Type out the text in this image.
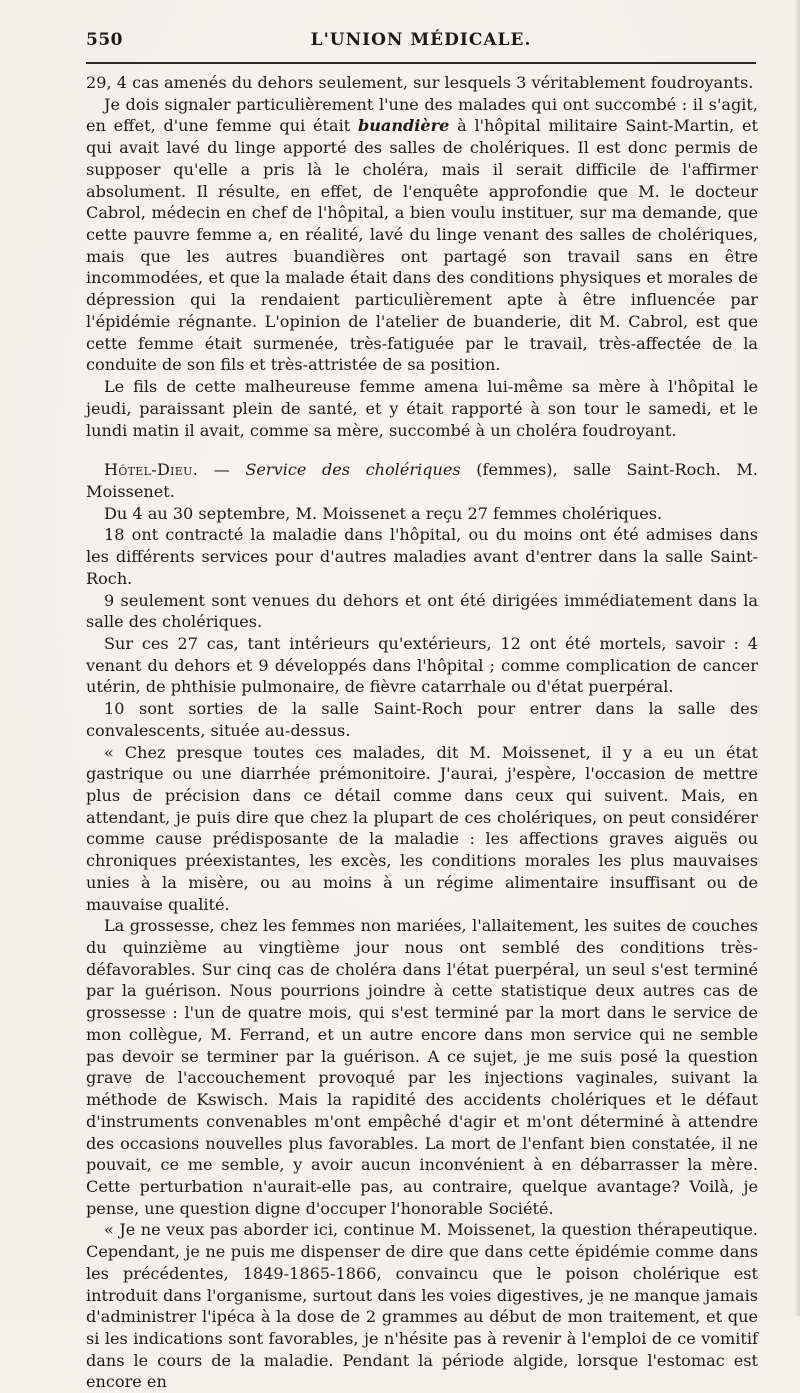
550	L'UNION MÉDICALE.

29, 4 cas amenés du dehors seulement, sur lesquels 3 véritablement foudroyants.

Je dois signaler particulièrement l'une des malades qui ont succombé : il s'agit, en effet, d'une femme qui était buandière à l'hôpital militaire Saint-Martin, et qui avait lavé du linge apporté des salles de cholériques. Il est donc permis de supposer qu'elle a pris là le choléra, mais il serait difficile de l'affirmer absolument. Il résulte, en effet, de l'enquête approfondie que M. le docteur Cabrol, médecin en chef de l'hôpital, a bien voulu instituer, sur ma demande, que cette pauvre femme a, en réalité, lavé du linge venant des salles de cholériques, mais que les autres buandières ont partagé son travail sans en être incommodées, et que la malade était dans des conditions physiques et morales de dépression qui la rendaient particulièrement apte à être influencée par l'épidémie régnante. L'opinion de l'atelier de buanderie, dit M. Cabrol, est que cette femme était surmenée, très-fatiguée par le travail, très-affectée de la conduite de son fils et très-attristée de sa position.

Le fils de cette malheureuse femme amena lui-même sa mère à l'hôpital le jeudi, paraissant plein de santé, et y était rapporté à son tour le samedi, et le lundi matin il avait, comme sa mère, succombé à un choléra foudroyant.

Hôtel-Dieu. — Service des cholériques (femmes), salle Saint-Roch. M. Moissenet.

Du 4 au 30 septembre, M. Moissenet a reçu 27 femmes cholériques.

18 ont contracté la maladie dans l'hôpital, ou du moins ont été admises dans les différents services pour d'autres maladies avant d'entrer dans la salle Saint-Roch.

9 seulement sont venues du dehors et ont été dirigées immédiatement dans la salle des cholériques.

Sur ces 27 cas, tant intérieurs qu'extérieurs, 12 ont été mortels, savoir : 4 venant du dehors et 9 développés dans l'hôpital ; comme complication de cancer utérin, de phthisie pulmonaire, de fièvre catarrhale ou d'état puerpéral.

10 sont sorties de la salle Saint-Roch pour entrer dans la salle des convalescents, située au-dessus.

« Chez presque toutes ces malades, dit M. Moissenet, il y a eu un état gastrique ou une diarrhée prémonitoire. J'aurai, j'espère, l'occasion de mettre plus de précision dans ce détail comme dans ceux qui suivent. Mais, en attendant, je puis dire que chez la plupart de ces cholériques, on peut considérer comme cause prédisposante de la maladie : les affections graves aiguës ou chroniques préexistantes, les excès, les conditions morales les plus mauvaises unies à la misère, ou au moins à un régime alimentaire insuffisant ou de mauvaise qualité.

La grossesse, chez les femmes non mariées, l'allaitement, les suites de couches du quinzième au vingtième jour nous ont semblé des conditions très-défavorables. Sur cinq cas de choléra dans l'état puerpéral, un seul s'est terminé par la guérison. Nous pourrions joindre à cette statistique deux autres cas de grossesse : l'un de quatre mois, qui s'est terminé par la mort dans le service de mon collègue, M. Ferrand, et un autre encore dans mon service qui ne semble pas devoir se terminer par la guérison. A ce sujet, je me suis posé la question grave de l'accouchement provoqué par les injections vaginales, suivant la méthode de Kswisch. Mais la rapidité des accidents cholériques et le défaut d'instruments convenables m'ont empêché d'agir et m'ont déterminé à attendre des occasions nouvelles plus favorables. La mort de l'enfant bien constatée, il ne pouvait, ce me semble, y avoir aucun inconvénient à en débarrasser la mère. Cette perturbation n'aurait-elle pas, au contraire, quelque avantage? Voilà, je pense, une question digne d'occuper l'honorable Société.

« Je ne veux pas aborder ici, continue M. Moissenet, la question thérapeutique. Cependant, je ne puis me dispenser de dire que dans cette épidémie comme dans les précédentes, 1849-1865-1866, convaincu que le poison cholérique est introduit dans l'organisme, surtout dans les voies digestives, je ne manque jamais d'administrer l'ipéca à la dose de 2 grammes au début de mon traitement, et que si les indications sont favorables, je n'hésite pas à revenir à l'emploi de ce vomitif dans le cours de la maladie. Pendant la période algide, lorsque l'estomac est encore en
